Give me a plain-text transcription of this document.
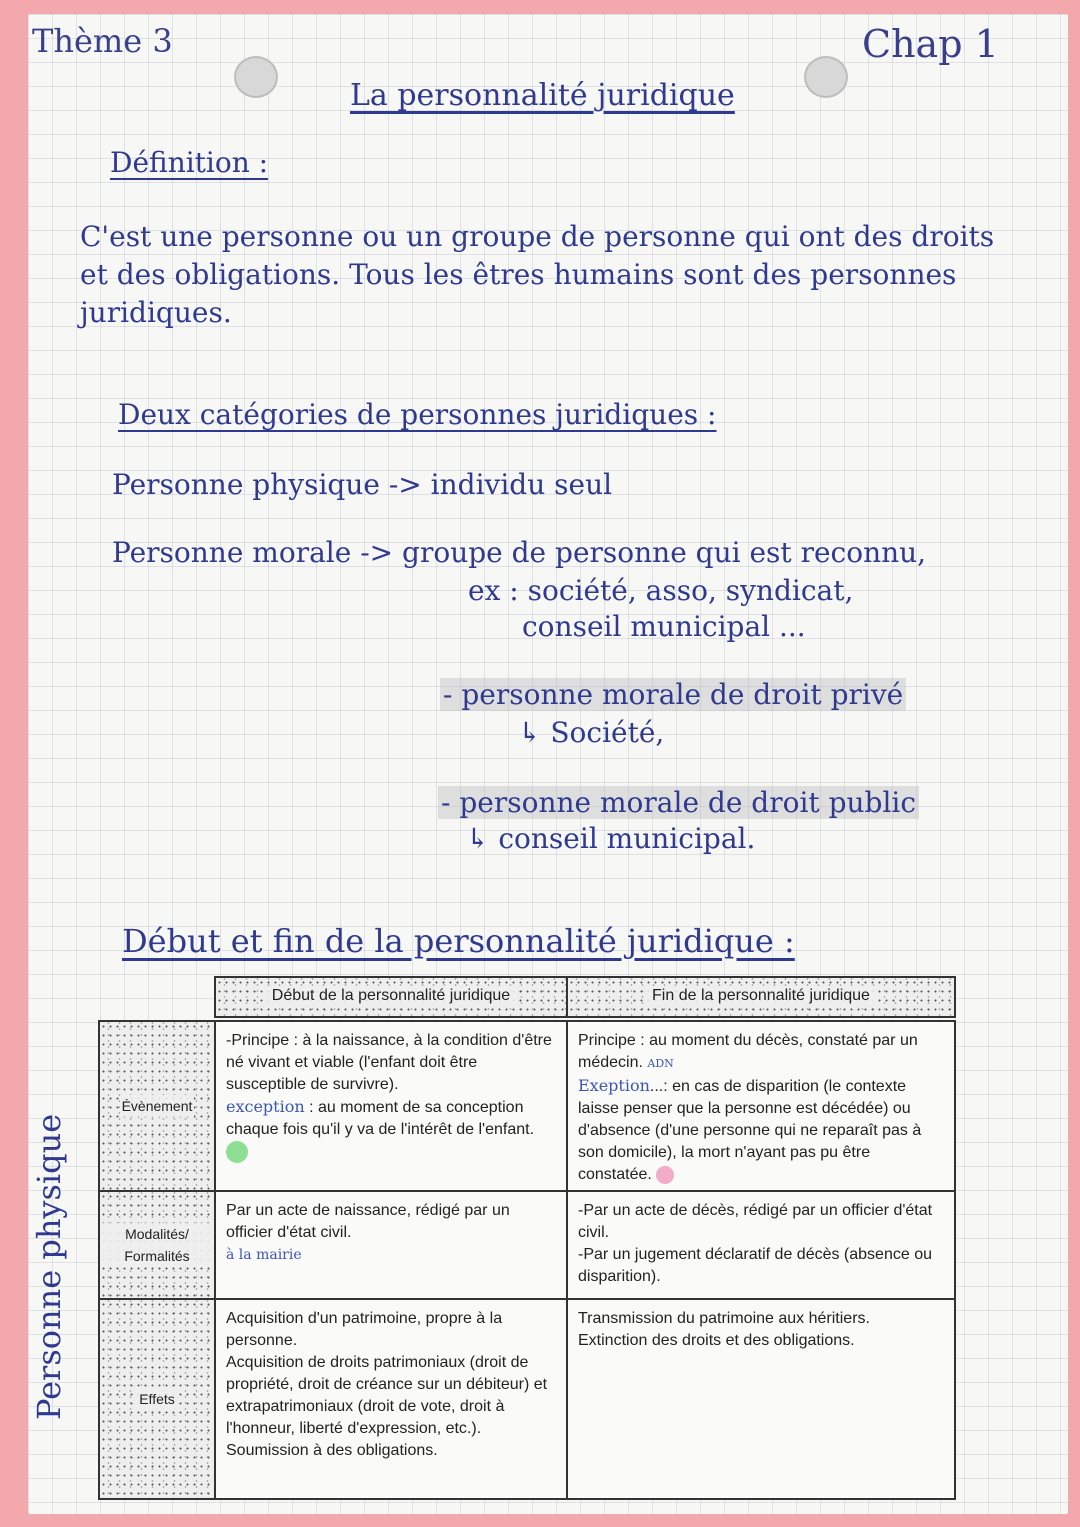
Thème 3	Chap 1
La personnalité juridique
Définition :
C'est une personne ou un groupe de personne qui ont des droits et des obligations. Tous les êtres humains sont des personnes juridiques.
Deux catégories de personnes juridiques :
Personne physique -> individu seul
Personne morale -> groupe de personne qui est reconnu,
ex : société, asso, syndicat,
conseil municipal ...
- personne morale de droit privé
↳ Société,
- personne morale de droit public
↳ conseil municipal.
Début et fin de la personnalité juridique :
Personne physique
Début de la personnalité juridique	Fin de la personnalité juridique
Évènement
-Principe : à la naissance, à la condition d'être né vivant et viable (l'enfant doit être susceptible de survivre).
exception : au moment de sa conception chaque fois qu'il y va de l'intérêt de l'enfant.
Principe : au moment du décès, constaté par un médecin. ADN
Exeption...: en cas de disparition (le contexte laisse penser que la personne est décédée) ou d'absence (d'une personne qui ne reparaît pas à son domicile), la mort n'ayant pas pu être constatée.
Modalités/ Formalités
Par un acte de naissance, rédigé par un officier d'état civil.
à la mairie
-Par un acte de décès, rédigé par un officier d'état civil.
-Par un jugement déclaratif de décès (absence ou disparition).
Effets
Acquisition d'un patrimoine, propre à la personne.
Acquisition de droits patrimoniaux (droit de propriété, droit de créance sur un débiteur) et extrapatrimoniaux (droit de vote, droit à l'honneur, liberté d'expression, etc.).
Soumission à des obligations.
Transmission du patrimoine aux héritiers.
Extinction des droits et des obligations.
